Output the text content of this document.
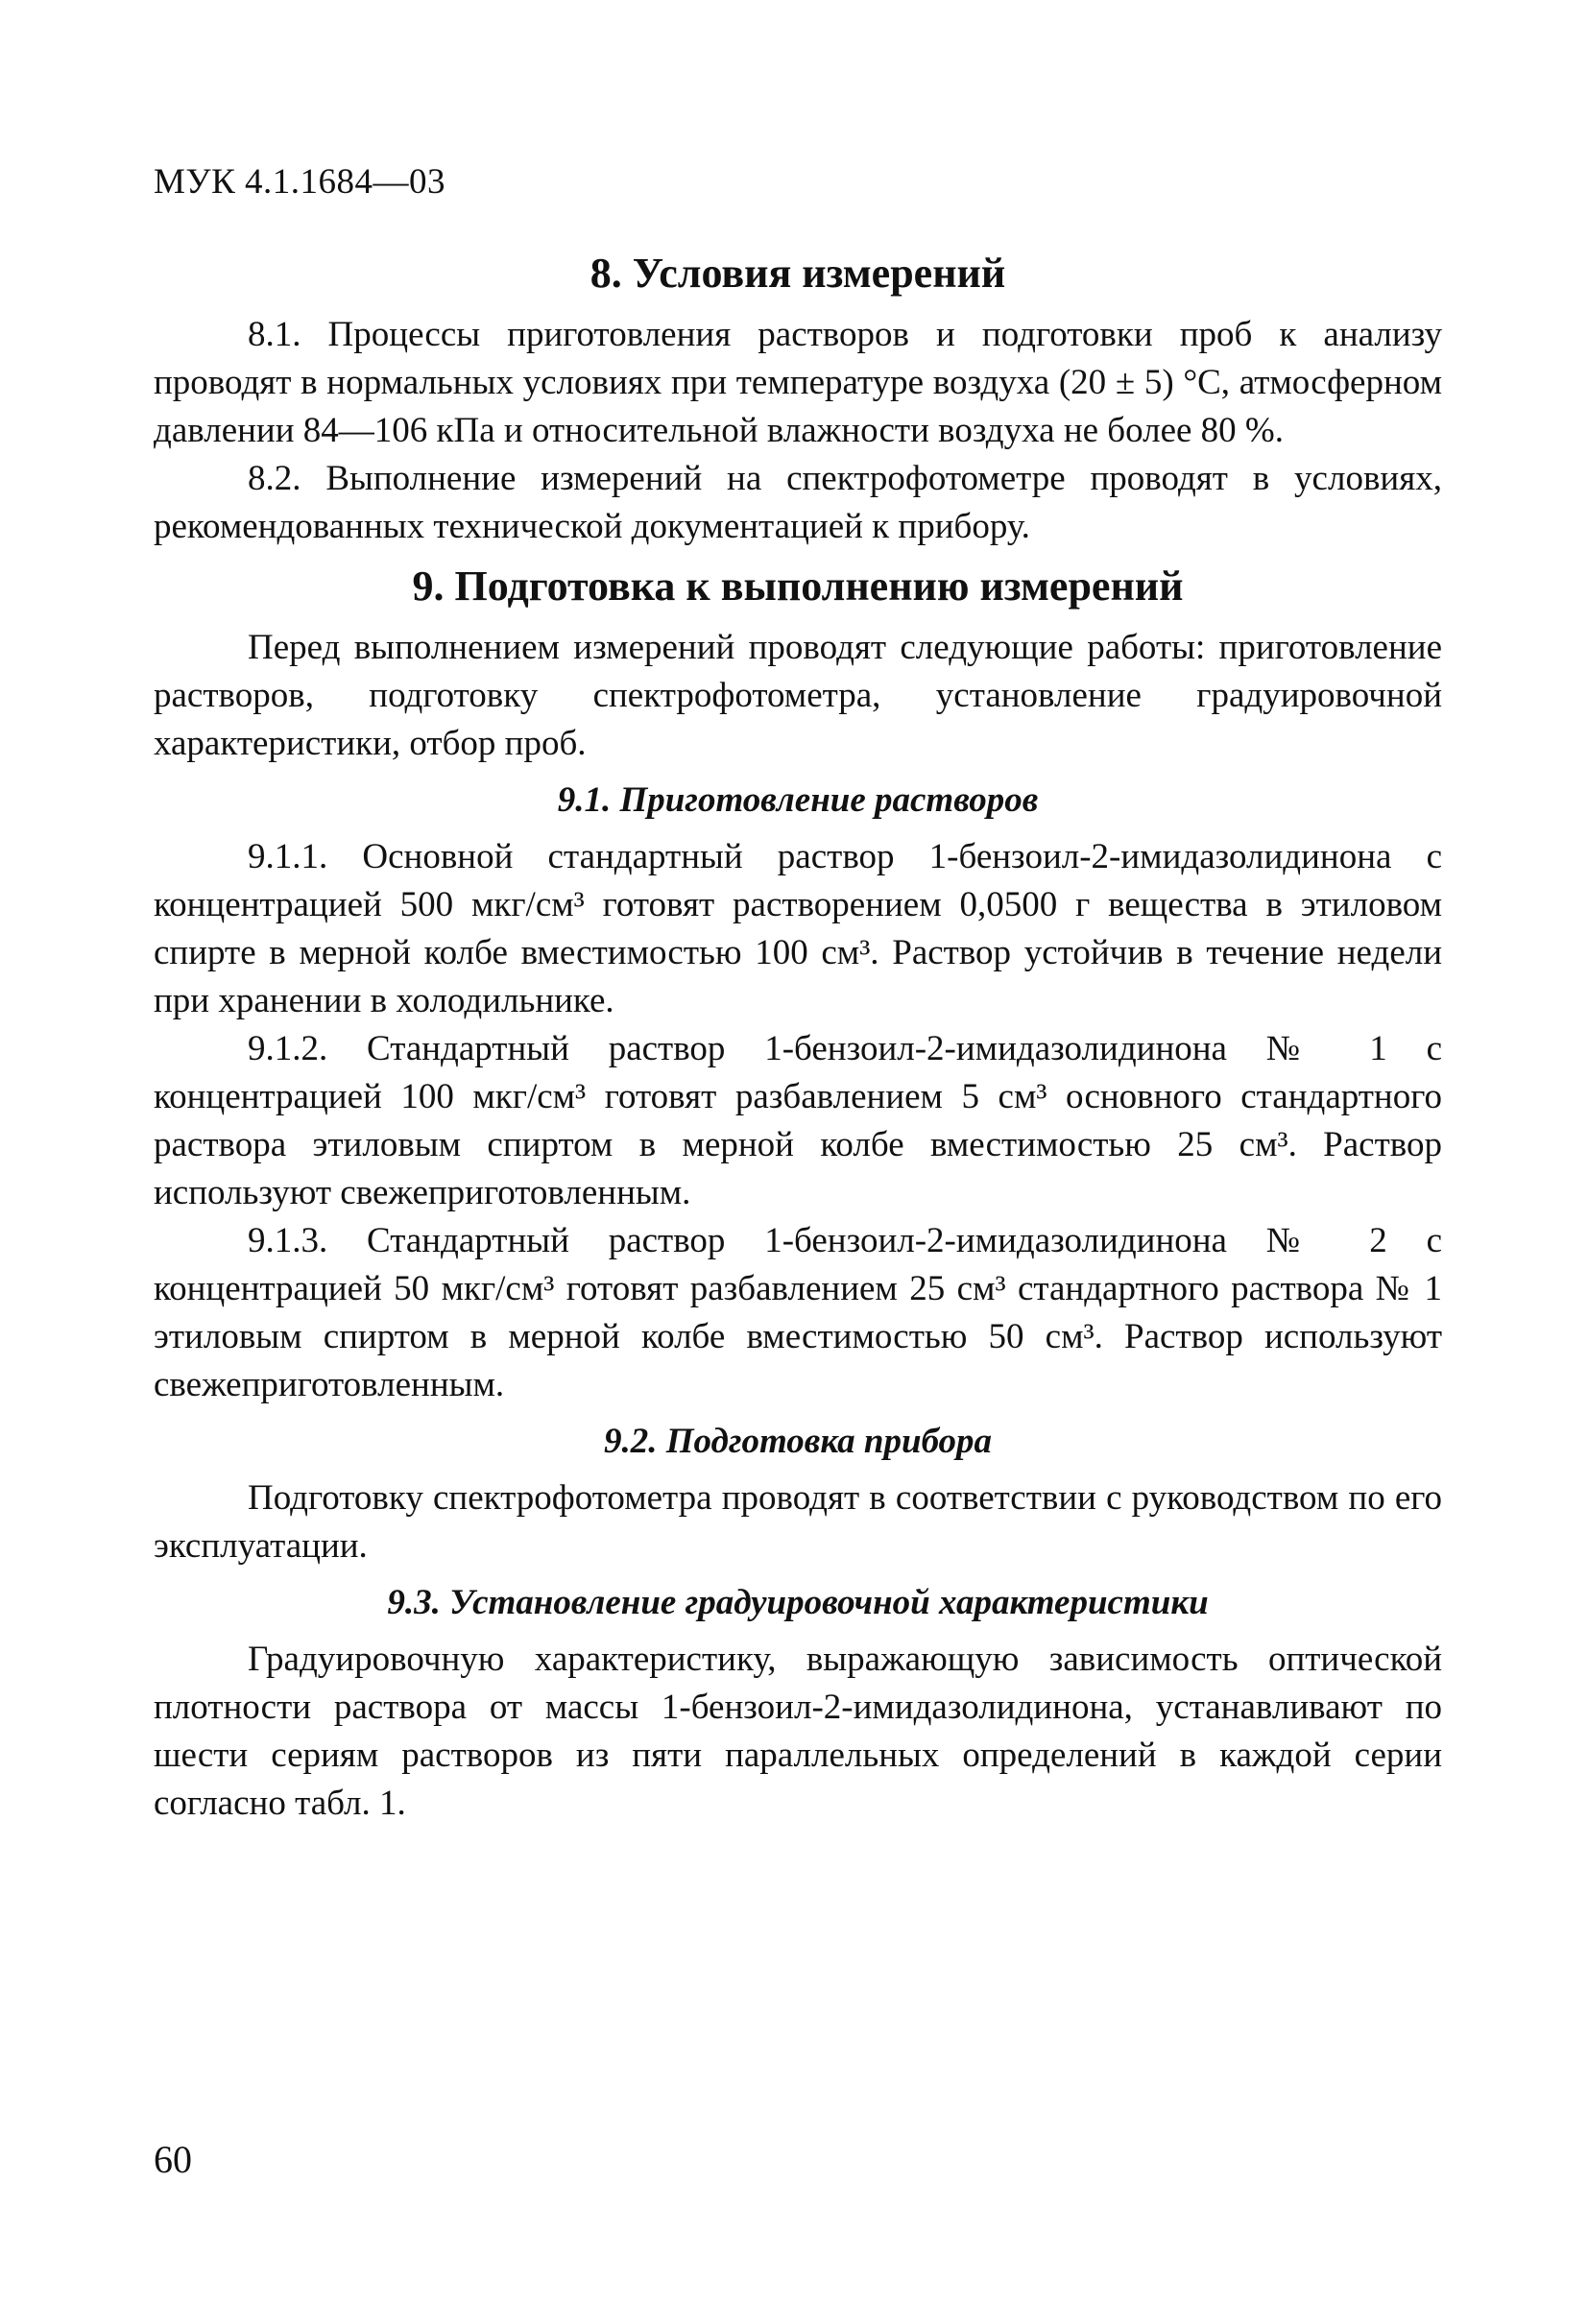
МУК 4.1.1684—03
8. Условия измерений

8.1. Процессы приготовления растворов и подготовки проб к анализу проводят в нормальных условиях при температуре воздуха (20 ± 5) °С, атмосферном давлении 84—106 кПа и относительной влажности воздуха не более 80 %.

8.2. Выполнение измерений на спектрофотометре проводят в условиях, рекомендованных технической документацией к прибору.

9. Подготовка к выполнению измерений

Перед выполнением измерений проводят следующие работы: приготовление растворов, подготовку спектрофотометра, установление градуировочной характеристики, отбор проб.

9.1. Приготовление растворов

9.1.1. Основной стандартный раствор 1-бензоил-2-имидазолидинона с концентрацией 500 мкг/см³ готовят растворением 0,0500 г вещества в этиловом спирте в мерной колбе вместимостью 100 см³. Раствор устойчив в течение недели при хранении в холодильнике.

9.1.2. Стандартный раствор 1-бензоил-2-имидазолидинона № 1 с концентрацией 100 мкг/см³ готовят разбавлением 5 см³ основного стандартного раствора этиловым спиртом в мерной колбе вместимостью 25 см³. Раствор используют свежеприготовленным.

9.1.3. Стандартный раствор 1-бензоил-2-имидазолидинона № 2 с концентрацией 50 мкг/см³ готовят разбавлением 25 см³ стандартного раствора № 1 этиловым спиртом в мерной колбе вместимостью 50 см³. Раствор используют свежеприготовленным.

9.2. Подготовка прибора

Подготовку спектрофотометра проводят в соответствии с руководством по его эксплуатации.

9.3. Установление градуировочной характеристики

Градуировочную характеристику, выражающую зависимость оптической плотности раствора от массы 1-бензоил-2-имидазолидинона, устанавливают по шести сериям растворов из пяти параллельных определений в каждой серии согласно табл. 1.

60
